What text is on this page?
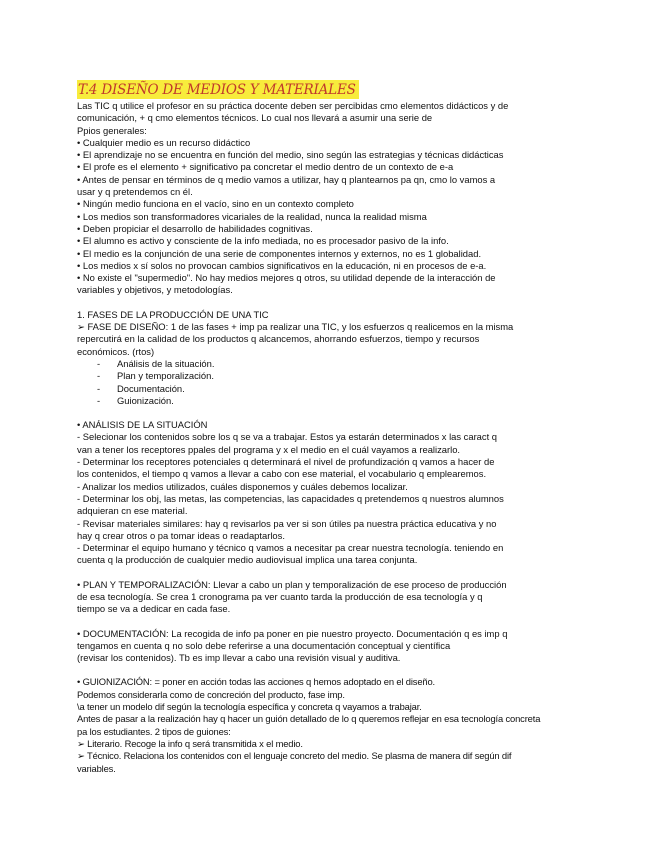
T.4 DISEÑO DE MEDIOS Y MATERIALES

Las TIC q utilice el profesor en su práctica docente deben ser percibidas cmo elementos didácticos y de

comunicación, + q cmo elementos técnicos. Lo cual nos llevará a asumir una serie de

Ppios generales:

• Cualquier medio es un recurso didáctico

• El aprendizaje no se encuentra en función del medio, sino según las estrategias y técnicas didácticas

• El profe es el elemento + significativo pa concretar el medio dentro de un contexto de e-a

• Antes de pensar en términos de q medio vamos a utilizar, hay q plantearnos pa qn, cmo lo vamos a

usar y q pretendemos cn él.

• Ningún medio funciona en el vacío, sino en un contexto completo

• Los medios son transformadores vicariales de la realidad, nunca la realidad misma

• Deben propiciar el desarrollo de habilidades cognitivas.

• El alumno es activo y consciente de la info mediada, no es procesador pasivo de la info.

• El medio es la conjunción de una serie de componentes internos y externos, no es 1 globalidad.

• Los medios x sí solos no provocan cambios significativos en la educación, ni en procesos de e-a.

• No existe el "supermedio". No hay medios mejores q otros, su utilidad depende de la interacción de

variables y objetivos, y metodologías.

1. FASES DE LA PRODUCCIÓN DE UNA TIC

➢ FASE DE DISEÑO: 1 de las fases + imp pa realizar una TIC, y los esfuerzos q realicemos en la misma

repercutirá en la calidad de los productos q alcancemos, ahorrando esfuerzos, tiempo y recursos

económicos. (rtos)

- Análisis de la situación.
- Plan y temporalización.
- Documentación.
- Guionización.

• ANÁLISIS DE LA SITUACIÓN

- Selecionar los contenidos sobre los q se va a trabajar. Estos ya estarán determinados x las caract q

van a tener los receptores ppales del programa y x el medio en el cuál vayamos a realizarlo.

- Determinar los receptores potenciales q determinará el nivel de profundización q vamos a hacer de

los contenidos, el tiempo q vamos a llevar a cabo con ese material, el vocabulario q emplearemos.

- Analizar los medios utilizados, cuáles disponemos y cuáles debemos localizar.

- Determinar los obj, las metas, las competencias, las capacidades q pretendemos q nuestros alumnos

adquieran cn ese material.

- Revisar materiales similares: hay q revisarlos pa ver si son útiles pa nuestra práctica educativa y no

hay q crear otros o pa tomar ideas o readaptarlos.

- Determinar el equipo humano y técnico q vamos a necesitar pa crear nuestra tecnología. teniendo en

cuenta q la producción de cualquier medio audiovisual implica una tarea conjunta.

• PLAN Y TEMPORALIZACIÓN: Llevar a cabo un plan y temporalización de ese proceso de producción

de esa tecnología. Se crea 1 cronograma pa ver cuanto tarda la producción de esa tecnología y q

tiempo se va a dedicar en cada fase.

• DOCUMENTACIÓN: La recogida de info pa poner en pie nuestro proyecto. Documentación q es imp q

tengamos en cuenta q no solo debe referirse a una documentación conceptual y científica

(revisar los contenidos). Tb es imp llevar a cabo una revisión visual y auditiva.

• GUIONIZACIÓN: = poner en acción todas las acciones q hemos adoptado en el diseño.

Podemos considerarla como de concreción del producto, fase imp.

\a tener un modelo dif según la tecnología específica y concreta q vayamos a trabajar.

Antes de pasar a la realización hay q hacer un guión detallado de lo q queremos reflejar en esa tecnología concreta

pa los estudiantes. 2 tipos de guiones:

➢ Literario. Recoge la info q será transmitida x el medio.

➢ Técnico. Relaciona los contenidos con el lenguaje concreto del medio. Se plasma de manera dif según dif

variables.
